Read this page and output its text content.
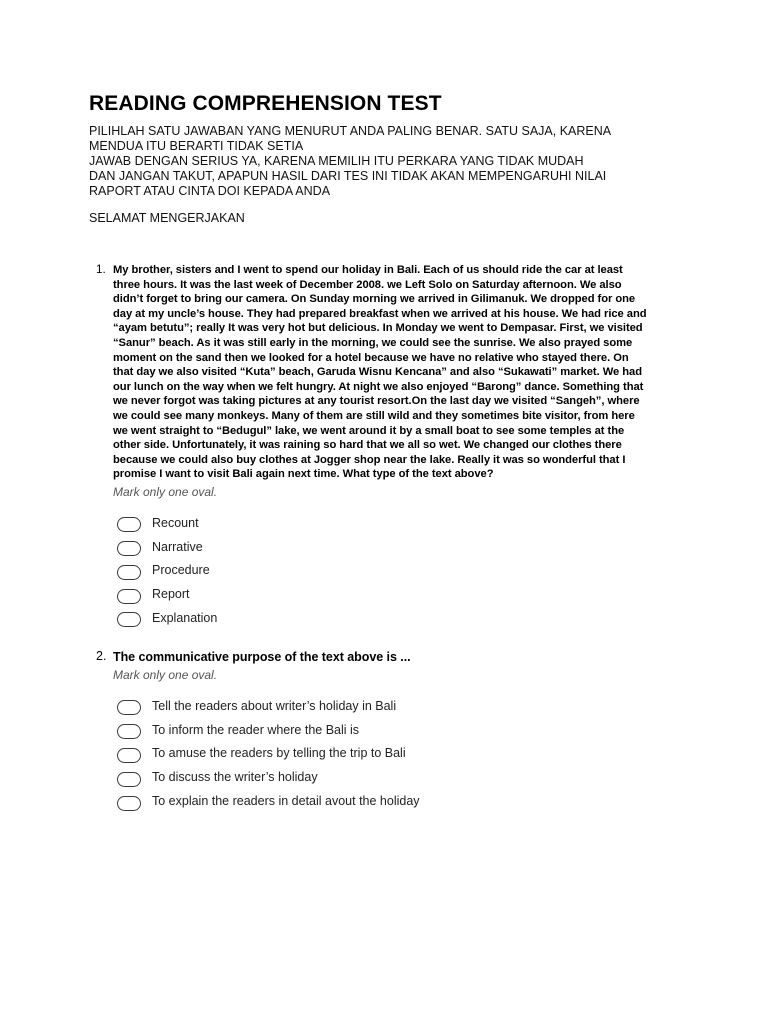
READING COMPREHENSION TEST

PILIHLAH SATU JAWABAN YANG MENURUT ANDA PALING BENAR. SATU SAJA, KARENA

MENDUA ITU BERARTI TIDAK SETIA

JAWAB DENGAN SERIUS YA, KARENA MEMILIH ITU PERKARA YANG TIDAK MUDAH

DAN JANGAN TAKUT, APAPUN HASIL DARI TES INI TIDAK AKAN MEMPENGARUHI NILAI

RAPORT ATAU CINTA DOI KEPADA ANDA

SELAMAT MENGERJAKAN
1. My brother, sisters and I went to spend our holiday in Bali. Each of us should ride the car at least
three hours. It was the last week of December 2008. we Left Solo on Saturday afternoon. We also
didn’t forget to bring our camera. On Sunday morning we arrived in Gilimanuk. We dropped for one
day at my uncle’s house. They had prepared breakfast when we arrived at his house. We had rice and
“ayam betutu”; really It was very hot but delicious. In Monday we went to Dempasar. First, we visited
“Sanur” beach. As it was still early in the morning, we could see the sunrise. We also prayed some
moment on the sand then we looked for a hotel because we have no relative who stayed there. On
that day we also visited “Kuta” beach, Garuda Wisnu Kencana” and also “Sukawati” market. We had
our lunch on the way when we felt hungry. At night we also enjoyed “Barong” dance. Something that
we never forgot was taking pictures at any tourist resort.On the last day we visited “Sangeh”, where
we could see many monkeys. Many of them are still wild and they sometimes bite visitor, from here
we went straight to “Bedugul” lake, we went around it by a small boat to see some temples at the
other side. Unfortunately, it was raining so hard that we all so wet. We changed our clothes there
because we could also buy clothes at Jogger shop near the lake. Really it was so wonderful that I
promise I want to visit Bali again next time. What type of the text above?
Mark only one oval.
Recount
Narrative
Procedure
Report
Explanation
2. The communicative purpose of the text above is ...
Mark only one oval.
Tell the readers about writer’s holiday in Bali
To inform the reader where the Bali is
To amuse the readers by telling the trip to Bali
To discuss the writer’s holiday
To explain the readers in detail avout the holiday
